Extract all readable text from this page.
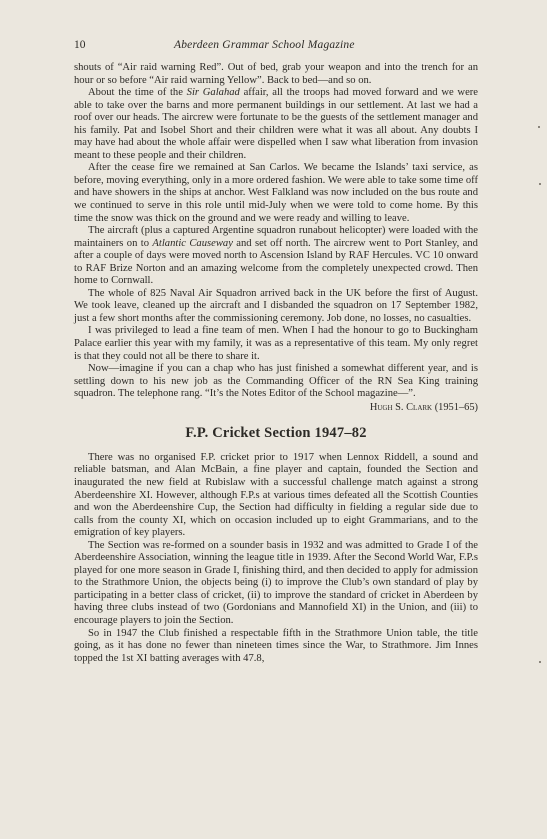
10	Aberdeen Grammar School Magazine

shouts of “Air raid warning Red”. Out of bed, grab your weapon and into the trench for an hour or so before “Air raid warning Yellow”. Back to bed—and so on.

About the time of the Sir Galahad affair, all the troops had moved forward and we were able to take over the barns and more permanent buildings in our settlement. At last we had a roof over our heads. The aircrew were fortunate to be the guests of the settlement manager and his family. Pat and Isobel Short and their children were what it was all about. Any doubts I may have had about the whole affair were dispelled when I saw what liberation from invasion meant to these people and their children.

After the cease fire we remained at San Carlos. We became the Islands’ taxi service, as before, moving everything, only in a more ordered fashion. We were able to take some time off and have showers in the ships at anchor. West Falkland was now included on the bus route and we continued to serve in this role until mid-July when we were told to come home. By this time the snow was thick on the ground and we were ready and willing to leave.

The aircraft (plus a captured Argentine squadron runabout helicopter) were loaded with the maintainers on to Atlantic Causeway and set off north. The aircrew went to Port Stanley, and after a couple of days were moved north to Ascension Island by RAF Hercules. VC 10 onward to RAF Brize Norton and an amazing welcome from the completely unexpected crowd. Then home to Cornwall.

The whole of 825 Naval Air Squadron arrived back in the UK before the first of August. We took leave, cleaned up the aircraft and I disbanded the squadron on 17 September 1982, just a few short months after the commissioning ceremony. Job done, no losses, no casualties.

I was privileged to lead a fine team of men. When I had the honour to go to Buckingham Palace earlier this year with my family, it was as a representative of this team. My only regret is that they could not all be there to share it.

Now—imagine if you can a chap who has just finished a somewhat different year, and is settling down to his new job as the Commanding Officer of the RN Sea King training squadron. The telephone rang. “It’s the Notes Editor of the School magazine—”.

Hugh S. Clark (1951–65)
F.P. Cricket Section 1947–82

There was no organised F.P. cricket prior to 1917 when Lennox Riddell, a sound and reliable batsman, and Alan McBain, a fine player and captain, founded the Section and inaugurated the new field at Rubislaw with a successful challenge match against a strong Aberdeenshire XI. However, although F.P.s at various times defeated all the Scottish Counties and won the Aberdeenshire Cup, the Section had difficulty in fielding a regular side due to calls from the county XI, which on occasion included up to eight Grammarians, and to the emigration of key players.

The Section was re-formed on a sounder basis in 1932 and was admitted to Grade I of the Aberdeenshire Association, winning the league title in 1939. After the Second World War, F.P.s played for one more season in Grade I, finishing third, and then decided to apply for admission to the Strathmore Union, the objects being (i) to improve the Club’s own standard of play by participating in a better class of cricket, (ii) to improve the standard of cricket in Aberdeen by having three clubs instead of two (Gordonians and Mannofield XI) in the Union, and (iii) to encourage players to join the Section.

So in 1947 the Club finished a respectable fifth in the Strathmore Union table, the title going, as it has done no fewer than nineteen times since the War, to Strathmore. Jim Innes topped the 1st XI batting averages with 47.8,
